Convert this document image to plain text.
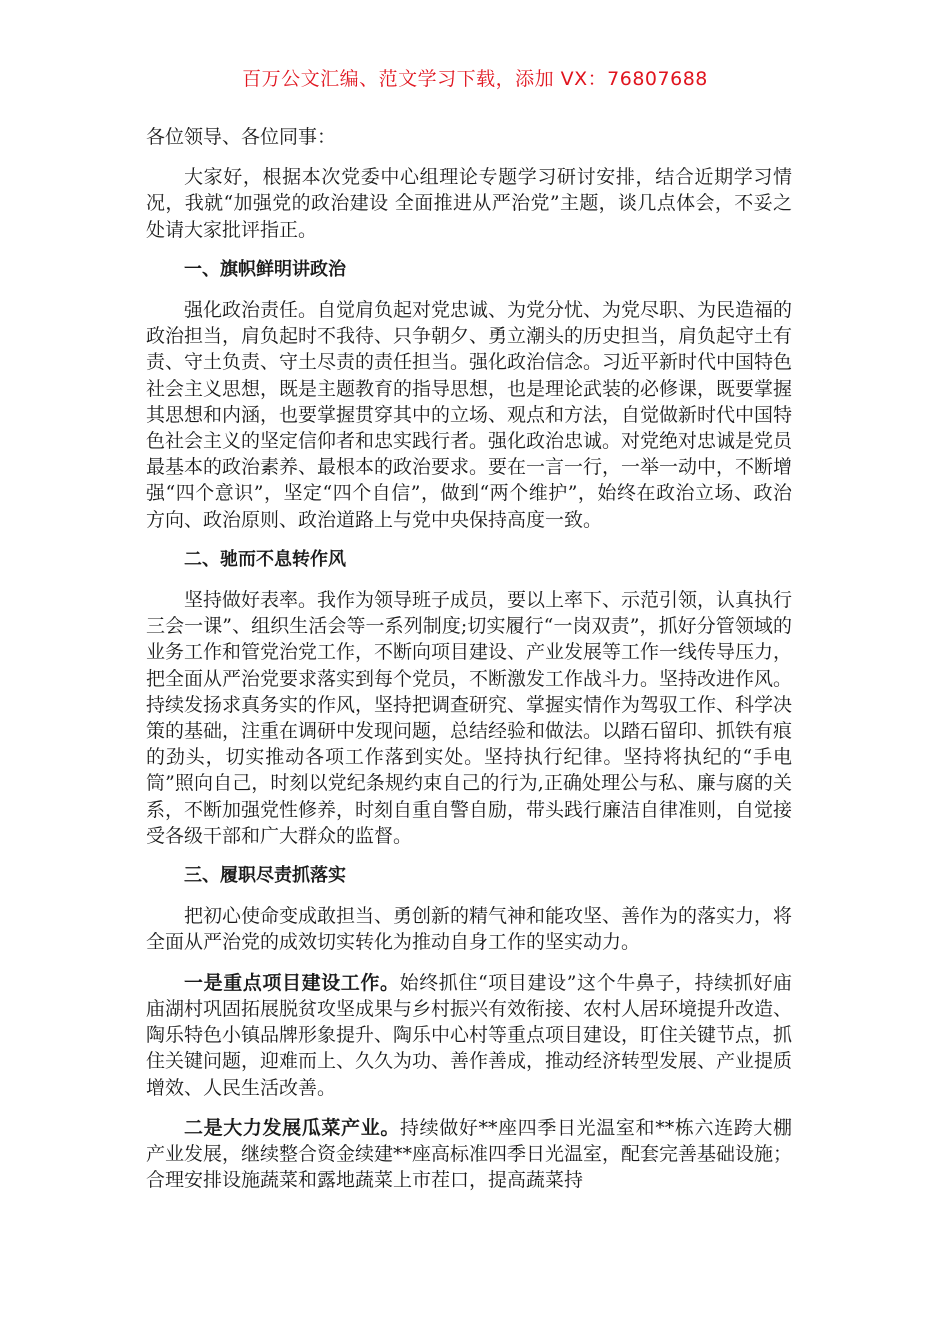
百万公文汇编、范文学习下载，添加 VX：76807688

各位领导、各位同事：

大家好，根据本次党委中心组理论专题学习研讨安排，结合近期学习情况，我就“加强党的政治建设 全面推进从严治党”主题，谈几点体会，不妥之处请大家批评指正。

一、旗帜鲜明讲政治

强化政治责任。自觉肩负起对党忠诚、为党分忧、为党尽职、为民造福的政治担当，肩负起时不我待、只争朝夕、勇立潮头的历史担当，肩负起守土有责、守土负责、守土尽责的责任担当。强化政治信念。习近平新时代中国特色社会主义思想，既是主题教育的指导思想，也是理论武装的必修课，既要掌握其思想和内涵，也要掌握贯穿其中的立场、观点和方法，自觉做新时代中国特色社会主义的坚定信仰者和忠实践行者。强化政治忠诚。对党绝对忠诚是党员最基本的政治素养、最根本的政治要求。要在一言一行，一举一动中，不断增强“四个意识”，坚定“四个自信”，做到“两个维护”，始终在政治立场、政治方向、政治原则、政治道路上与党中央保持高度一致。

二、驰而不息转作风

坚持做好表率。我作为领导班子成员，要以上率下、示范引领，认真执行三会一课”、组织生活会等一系列制度;切实履行“一岗双责”，抓好分管领域的业务工作和管党治党工作，不断向项目建设、产业发展等工作一线传导压力，把全面从严治党要求落实到每个党员，不断激发工作战斗力。坚持改进作风。持续发扬求真务实的作风，坚持把调查研究、掌握实情作为驾驭工作、科学决策的基础，注重在调研中发现问题，总结经验和做法。以踏石留印、抓铁有痕的劲头，切实推动各项工作落到实处。坚持执行纪律。坚持将执纪的“手电筒”照向自己，时刻以党纪条规约束自己的行为,正确处理公与私、廉与腐的关系，不断加强党性修养，时刻自重自警自励，带头践行廉洁自律准则，自觉接受各级干部和广大群众的监督。

三、履职尽责抓落实

把初心使命变成敢担当、勇创新的精气神和能攻坚、善作为的落实力，将全面从严治党的成效切实转化为推动自身工作的坚实动力。

一是重点项目建设工作。始终抓住“项目建设”这个牛鼻子，持续抓好庙庙湖村巩固拓展脱贫攻坚成果与乡村振兴有效衔接、农村人居环境提升改造、陶乐特色小镇品牌形象提升、陶乐中心村等重点项目建设，盯住关键节点，抓住关键问题，迎难而上、久久为功、善作善成，推动经济转型发展、产业提质增效、人民生活改善。

二是大力发展瓜菜产业。持续做好**座四季日光温室和**栋六连跨大棚产业发展，继续整合资金续建**座高标准四季日光温室，配套完善基础设施；合理安排设施蔬菜和露地蔬菜上市茬口，提高蔬菜持
